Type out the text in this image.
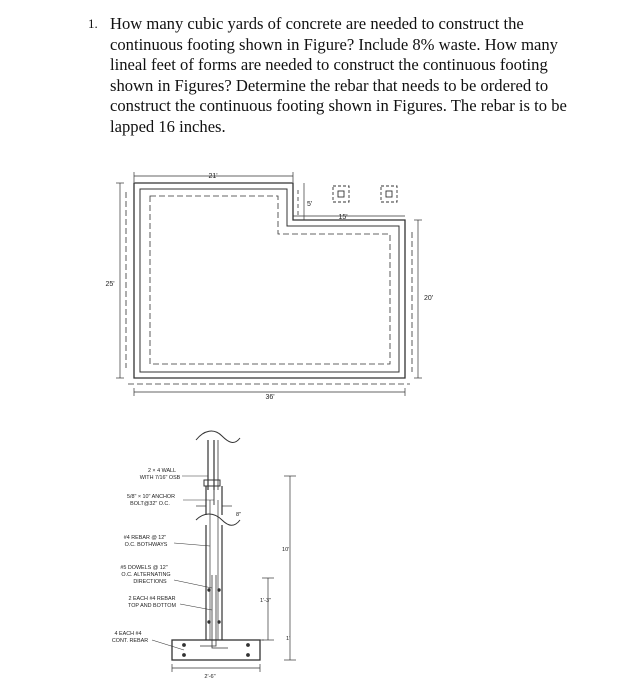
1. How many cubic yards of concrete are needed to construct the continuous footing shown in Figure? Include 8% waste. How many lineal feet of forms are needed to construct the continuous footing shown in Figures? Determine the rebar that needs to be ordered to construct the continuous footing shown in Figures. The rebar is to be lapped 16 inches.
21'
5'
15'
25'
20'
36'
2 × 4 WALL
WITH 7/16" OSB
5/8" × 10" ANCHOR
BOLT@32" O.C.
#4 REBAR @ 12"
O.C. BOTHWAYS
#5 DOWELS @ 12"
O.C. ALTERNATING
DIRECTIONS
2 EACH #4 REBAR
TOP AND BOTTOM
4 EACH #4
CONT. REBAR
8"
10'
1'-3"
1'
2'-6"
